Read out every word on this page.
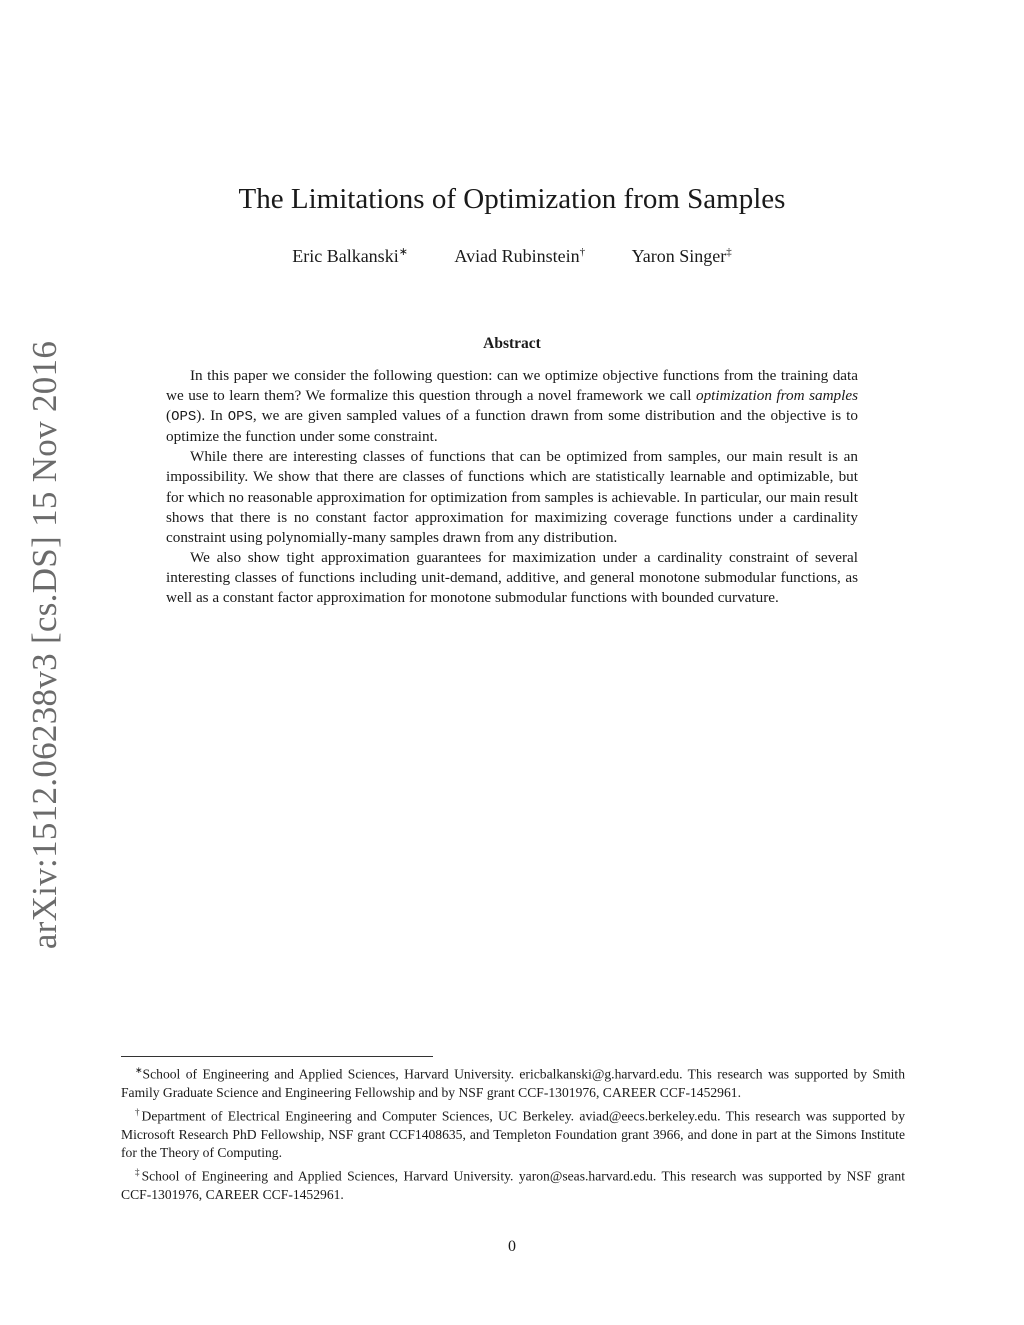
arXiv:1512.06238v3 [cs.DS] 15 Nov 2016
The Limitations of Optimization from Samples
Eric Balkanski∗	Aviad Rubinstein†	Yaron Singer‡
Abstract

In this paper we consider the following question: can we optimize objective functions from the training data we use to learn them? We formalize this question through a novel framework we call optimization from samples (OPS). In OPS, we are given sampled values of a function drawn from some distribution and the objective is to optimize the function under some constraint.

While there are interesting classes of functions that can be optimized from samples, our main result is an impossibility. We show that there are classes of functions which are statistically learnable and optimizable, but for which no reasonable approximation for optimization from samples is achievable. In particular, our main result shows that there is no constant factor approximation for maximizing coverage functions under a cardinality constraint using polynomially-many samples drawn from any distribution.

We also show tight approximation guarantees for maximization under a cardinality constraint of several interesting classes of functions including unit-demand, additive, and general monotone submodular functions, as well as a constant factor approximation for monotone submodular functions with bounded curvature.

∗School of Engineering and Applied Sciences, Harvard University. ericbalkanski@g.harvard.edu. This research was supported by Smith Family Graduate Science and Engineering Fellowship and by NSF grant CCF-1301976, CAREER CCF-1452961.

†Department of Electrical Engineering and Computer Sciences, UC Berkeley. aviad@eecs.berkeley.edu. This research was supported by Microsoft Research PhD Fellowship, NSF grant CCF1408635, and Templeton Foundation grant 3966, and done in part at the Simons Institute for the Theory of Computing.

‡School of Engineering and Applied Sciences, Harvard University. yaron@seas.harvard.edu. This research was supported by NSF grant CCF-1301976, CAREER CCF-1452961.

0
